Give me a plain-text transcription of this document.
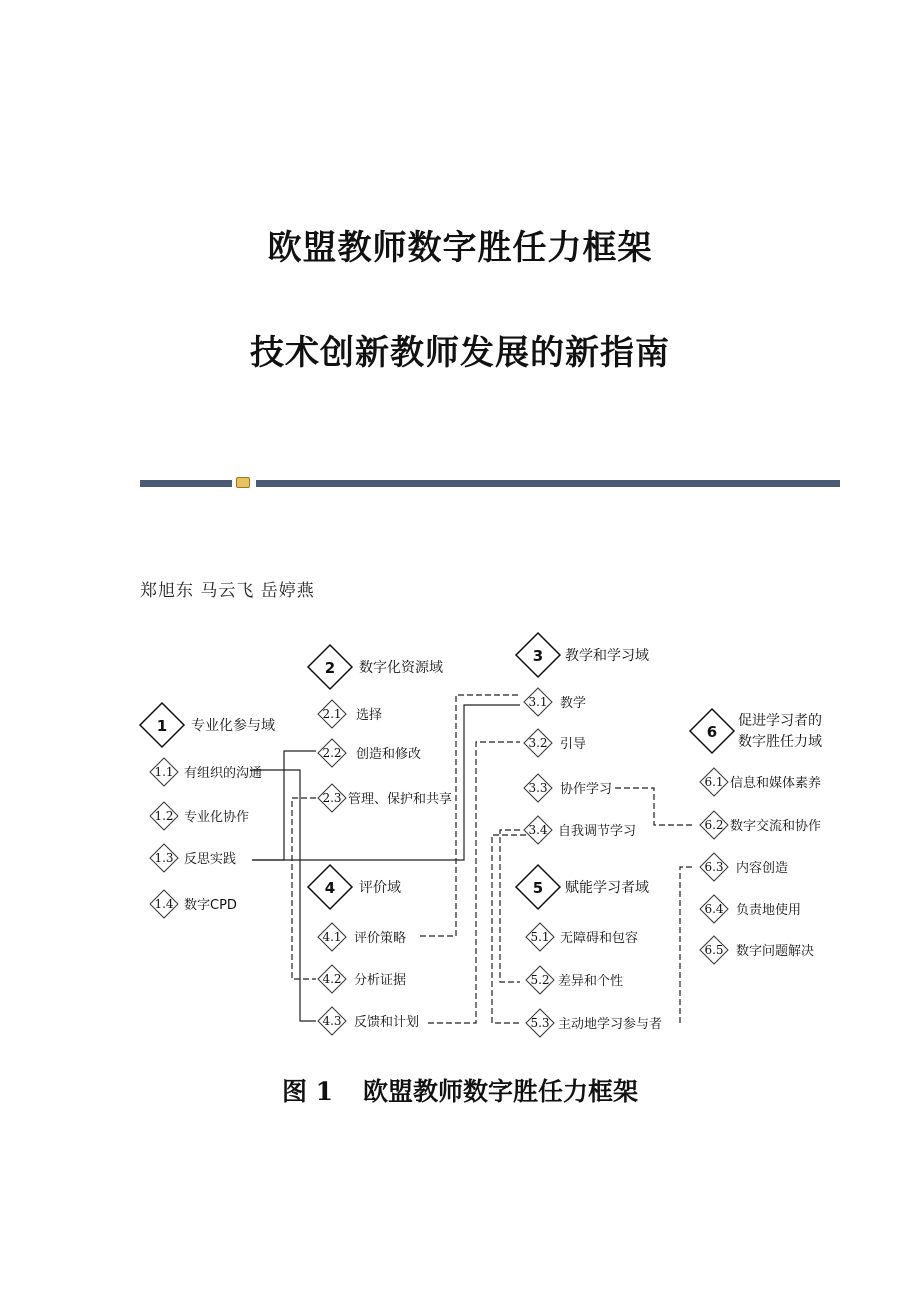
欧盟教师数字胜任力框架
技术创新教师发展的新指南
郑旭东 马云飞 岳婷燕
1 专业化参与域
2 数字化资源域
3 教学和学习域
4 评价域	5 赋能学习者域
6
促进学习者的
数字胜任力域
1.1 有组织的沟通
1.2 专业化协作
1.3 反思实践
1.4 数字CPD
2.1 选择
2.2 创造和修改
2.3 管理、保护和共享
3.1 教学
3.2 引导
3.3 协作学习
3.4 自我调节学习
4.1 评价策略
4.2 分析证据
4.3 反馈和计划
5.1 无障碍和包容
5.2 差异和个性
5.3 主动地学习参与者
6.1 信息和媒体素养
6.2 数字交流和协作
6.3 内容创造
6.4 负责地使用
6.5 数字问题解决
图 1 欧盟教师数字胜任力框架
